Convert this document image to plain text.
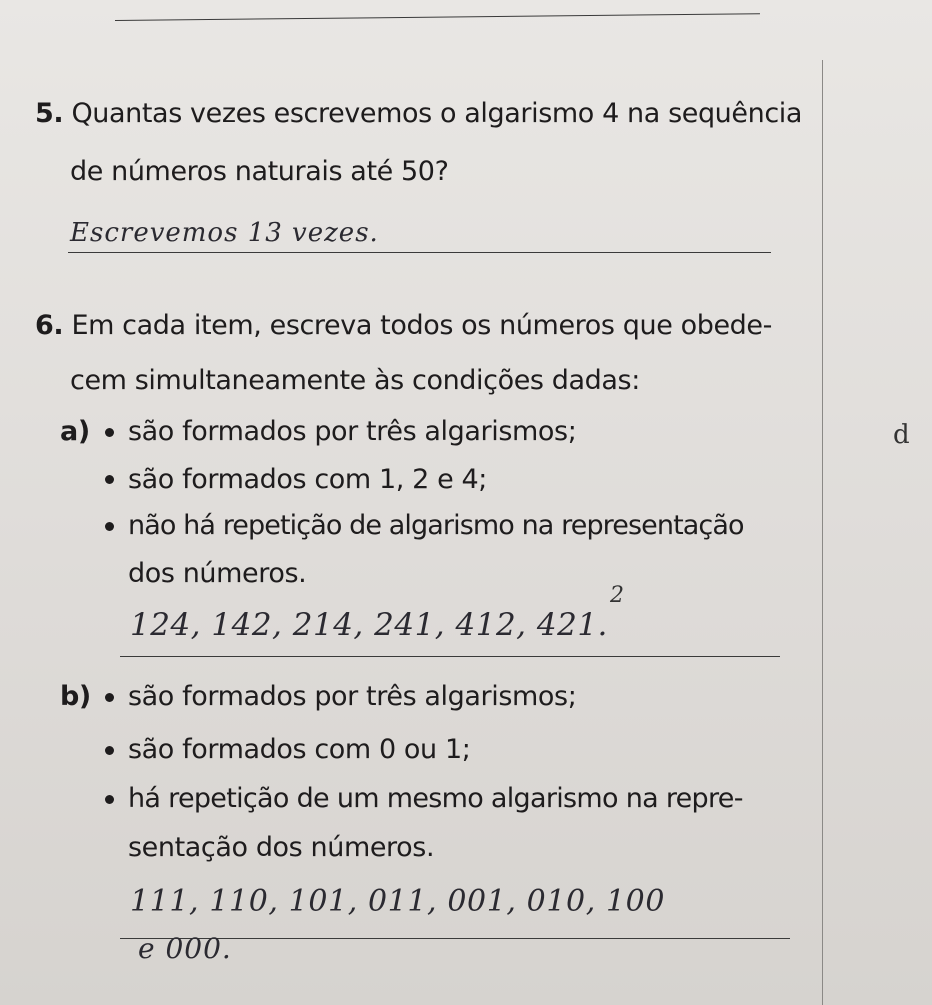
5. Quantas vezes escrevemos o algarismo 4 na sequência
de números naturais até 50?
Escrevemos 13 vezes.
6. Em cada item, escreva todos os números que obede-
cem simultaneamente às condições dadas:
a) são formados por três algarismos;
são formados com 1, 2 e 4;
não há repetição de algarismo na representação
dos números.
d
2
124, 142, 214, 241, 412, 421.
b) são formados por três algarismos;
são formados com 0 ou 1;
há repetição de um mesmo algarismo na repre-
sentação dos números.
111, 110, 101, 011, 001, 010, 100
e 000.
